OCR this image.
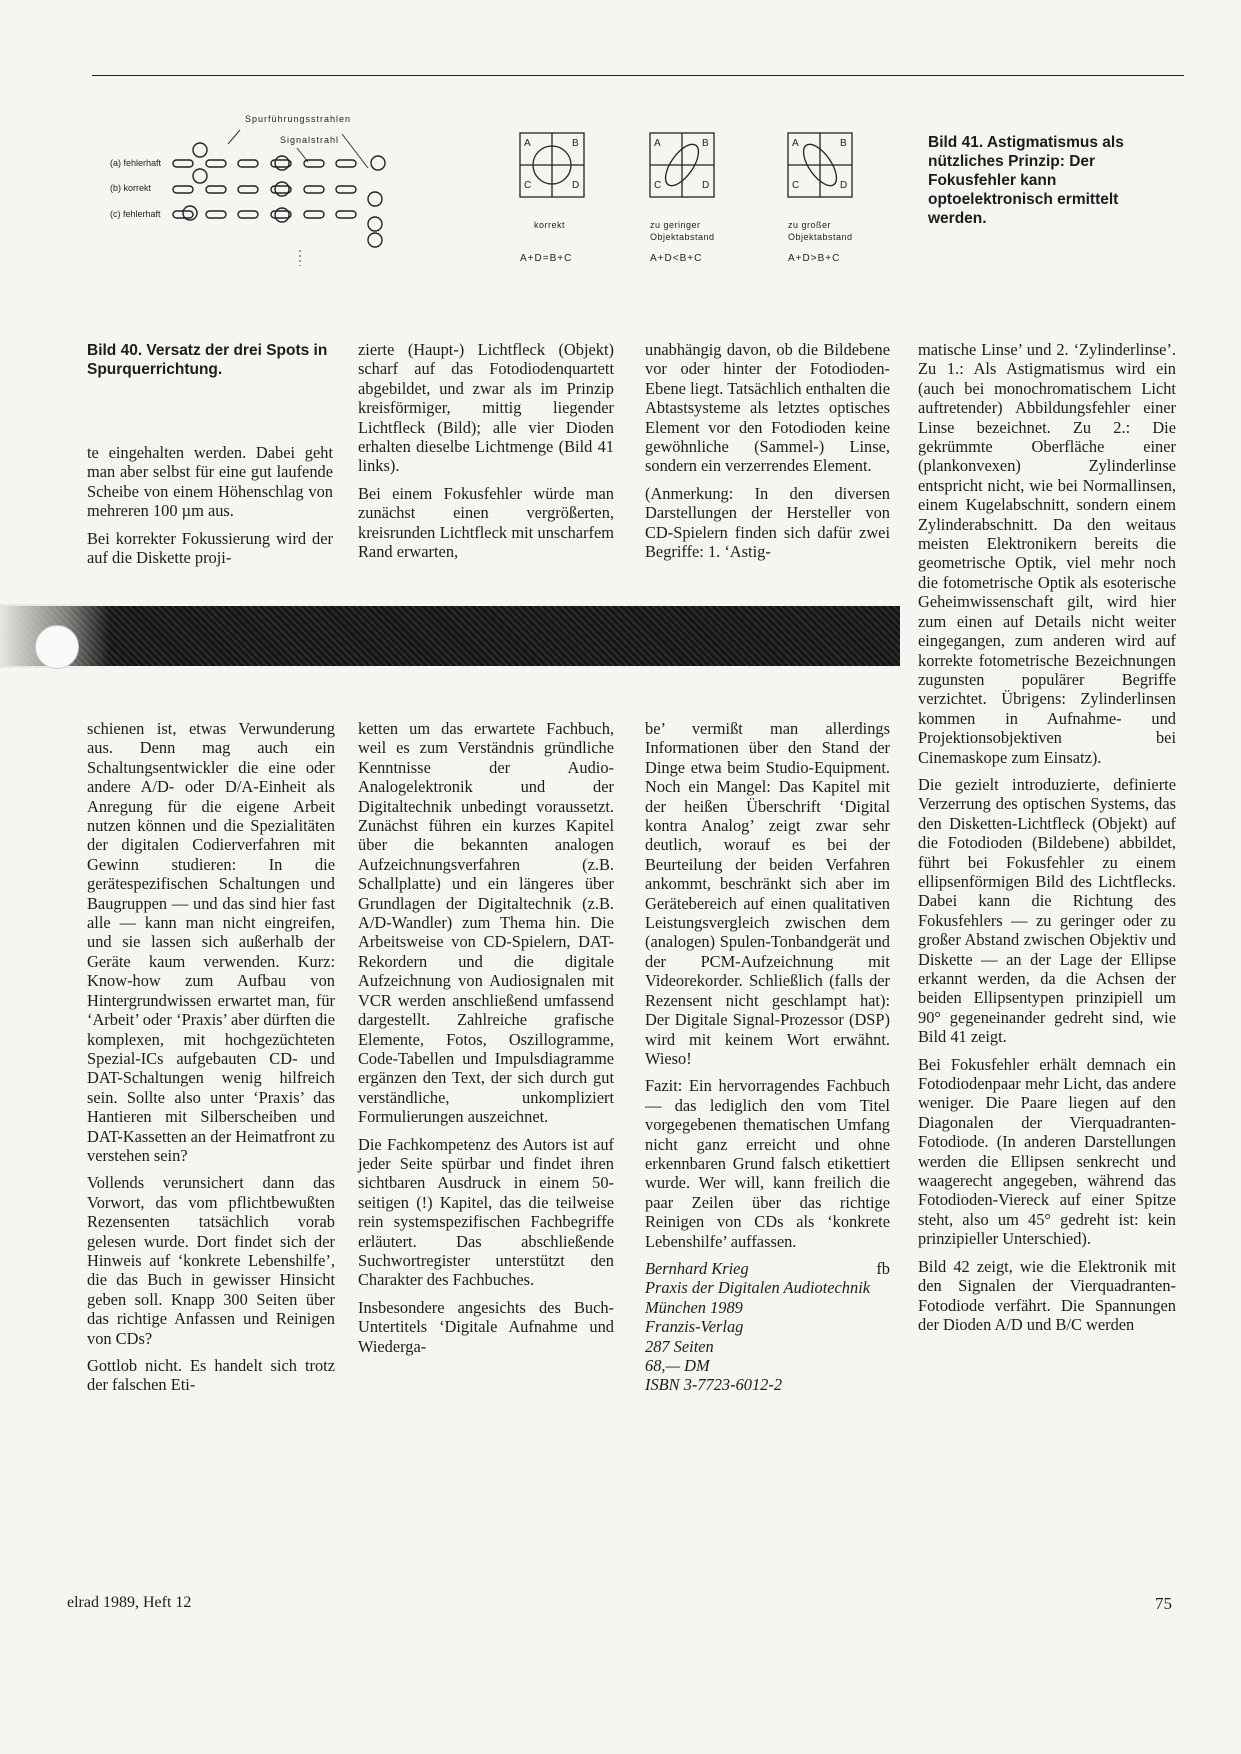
Spurführungsstrahlen
Signalstrahl
(a) fehlerhaft
(b) korrekt
(c) fehlerhaft
A	B
C	D
A	B
C	D
A	B
C	D
korrekt	zu geringer
Objektabstand
zu großer
Objektabstand
A+D=B+C	A+D<B+C	A+D>B+C

Bild 41. Astigmatismus als nützliches Prinzip: Der Fokusfehler kann optoelektronisch ermittelt werden.

Bild 40. Versatz der drei Spots in Spurquerrichtung.

te eingehalten werden. Dabei geht man aber selbst für eine gut laufende Scheibe von einem Höhenschlag von mehreren 100 µm aus.

Bei korrekter Fokussierung wird der auf die Diskette proji-

zierte (Haupt-) Lichtfleck (Objekt) scharf auf das Fotodiodenquartett abgebildet, und zwar als im Prinzip kreisförmiger, mittig liegender Lichtfleck (Bild); alle vier Dioden erhalten dieselbe Lichtmenge (Bild 41 links).

Bei einem Fokusfehler würde man zunächst einen vergrößerten, kreisrunden Lichtfleck mit unscharfem Rand erwarten,

unabhängig davon, ob die Bildebene vor oder hinter der Fotodioden-Ebene liegt. Tatsächlich enthalten die Abtastsysteme als letztes optisches Element vor den Fotodioden keine gewöhnliche (Sammel-) Linse, sondern ein verzerrendes Element.

(Anmerkung: In den diversen Darstellungen der Hersteller von CD-Spielern finden sich dafür zwei Begriffe: 1. ‘Astig-

matische Linse’ und 2. ‘Zylinderlinse’. Zu 1.: Als Astigmatismus wird ein (auch bei monochromatischem Licht auftretender) Abbildungsfehler einer Linse bezeichnet. Zu 2.: Die gekrümmte Oberfläche einer (plankonvexen) Zylinderlinse entspricht nicht, wie bei Normallinsen, einem Kugelabschnitt, sondern einem Zylinderabschnitt. Da den weitaus meisten Elektronikern bereits die geometrische Optik, viel mehr noch die fotometrische Optik als esoterische Geheimwissenschaft gilt, wird hier zum einen auf Details nicht weiter eingegangen, zum anderen wird auf korrekte fotometrische Bezeichnungen zugunsten populärer Begriffe verzichtet. Übrigens: Zylinderlinsen kommen in Aufnahme- und Projektionsobjektiven bei Cinemaskope zum Einsatz).

Die gezielt introduzierte, definierte Verzerrung des optischen Systems, das den Disketten-Lichtfleck (Objekt) auf die Fotodioden (Bildebene) abbildet, führt bei Fokusfehler zu einem ellipsenförmigen Bild des Lichtflecks. Dabei kann die Richtung des Fokusfehlers — zu geringer oder zu großer Abstand zwischen Objektiv und Diskette — an der Lage der Ellipse erkannt werden, da die Achsen der beiden Ellipsentypen prinzipiell um 90° gegeneinander gedreht sind, wie Bild 41 zeigt.

Bei Fokusfehler erhält demnach ein Fotodiodenpaar mehr Licht, das andere weniger. Die Paare liegen auf den Diagonalen der Vierquadranten-Fotodiode. (In anderen Darstellungen werden die Ellipsen senkrecht und waagerecht angegeben, während das Fotodioden-Viereck auf einer Spitze steht, also um 45° gedreht ist: kein prinzipieller Unterschied).

Bild 42 zeigt, wie die Elektronik mit den Signalen der Vierquadranten-Fotodiode verfährt. Die Spannungen der Dioden A/D und B/C werden

schienen ist, etwas Verwunderung aus. Denn mag auch ein Schaltungsentwickler die eine oder andere A/D- oder D/A-Einheit als Anregung für die eigene Arbeit nutzen können und die Spezialitäten der digitalen Codierverfahren mit Gewinn studieren: In die gerätespezifischen Schaltungen und Baugruppen — und das sind hier fast alle — kann man nicht eingreifen, und sie lassen sich außerhalb der Geräte kaum verwenden. Kurz: Know-how zum Aufbau von Hintergrundwissen erwartet man, für ‘Arbeit’ oder ‘Praxis’ aber dürften die komplexen, mit hochgezüchteten Spezial-ICs aufgebauten CD- und DAT-Schaltungen wenig hilfreich sein. Sollte also unter ‘Praxis’ das Hantieren mit Silberscheiben und DAT-Kassetten an der Heimatfront zu verstehen sein?

Vollends verunsichert dann das Vorwort, das vom pflichtbewußten Rezensenten tatsächlich vorab gelesen wurde. Dort findet sich der Hinweis auf ‘konkrete Lebenshilfe’, die das Buch in gewisser Hinsicht geben soll. Knapp 300 Seiten über das richtige Anfassen und Reinigen von CDs?

Gottlob nicht. Es handelt sich trotz der falschen Eti-

ketten um das erwartete Fachbuch, weil es zum Verständnis gründliche Kenntnisse der Audio-Analogelektronik und der Digitaltechnik unbedingt voraussetzt. Zunächst führen ein kurzes Kapitel über die bekannten analogen Aufzeichnungsverfahren (z.B. Schallplatte) und ein längeres über Grundlagen der Digitaltechnik (z.B. A/D-Wandler) zum Thema hin. Die Arbeitsweise von CD-Spielern, DAT-Rekordern und die digitale Aufzeichnung von Audiosignalen mit VCR werden anschließend umfassend dargestellt. Zahlreiche grafische Elemente, Fotos, Oszillogramme, Code-Tabellen und Impulsdiagramme ergänzen den Text, der sich durch gut verständliche, unkompliziert Formulierungen auszeichnet.

Die Fachkompetenz des Autors ist auf jeder Seite spürbar und findet ihren sichtbaren Ausdruck in einem 50-seitigen (!) Kapitel, das die teilweise rein systemspezifischen Fachbegriffe erläutert. Das abschließende Suchwortregister unterstützt den Charakter des Fachbuches.

Insbesondere angesichts des Buch-Untertitels ‘Digitale Aufnahme und Wiederga-

be’ vermißt man allerdings Informationen über den Stand der Dinge etwa beim Studio-Equipment. Noch ein Mangel: Das Kapitel mit der heißen Überschrift ‘Digital kontra Analog’ zeigt zwar sehr deutlich, worauf es bei der Beurteilung der beiden Verfahren ankommt, beschränkt sich aber im Gerätebereich auf einen qualitativen Leistungsvergleich zwischen dem (analogen) Spulen-Tonbandgerät und der PCM-Aufzeichnung mit Videorekorder. Schließlich (falls der Rezensent nicht geschlampt hat): Der Digitale Signal-Prozessor (DSP) wird mit keinem Wort erwähnt. Wieso!

Fazit: Ein hervorragendes Fachbuch — das lediglich den vom Titel vorgegebenen thematischen Umfang nicht ganz erreicht und ohne erkennbaren Grund falsch etikettiert wurde. Wer will, kann freilich die paar Zeilen über das richtige Reinigen von CDs als ‘konkrete Lebenshilfe’ auffassen.

Bernhard Krieg	fb

Praxis der Digitalen Audiotechnik

München 1989

Franzis-Verlag

287 Seiten

68,— DM

ISBN 3-7723-6012-2

elrad 1989, Heft 12	75
